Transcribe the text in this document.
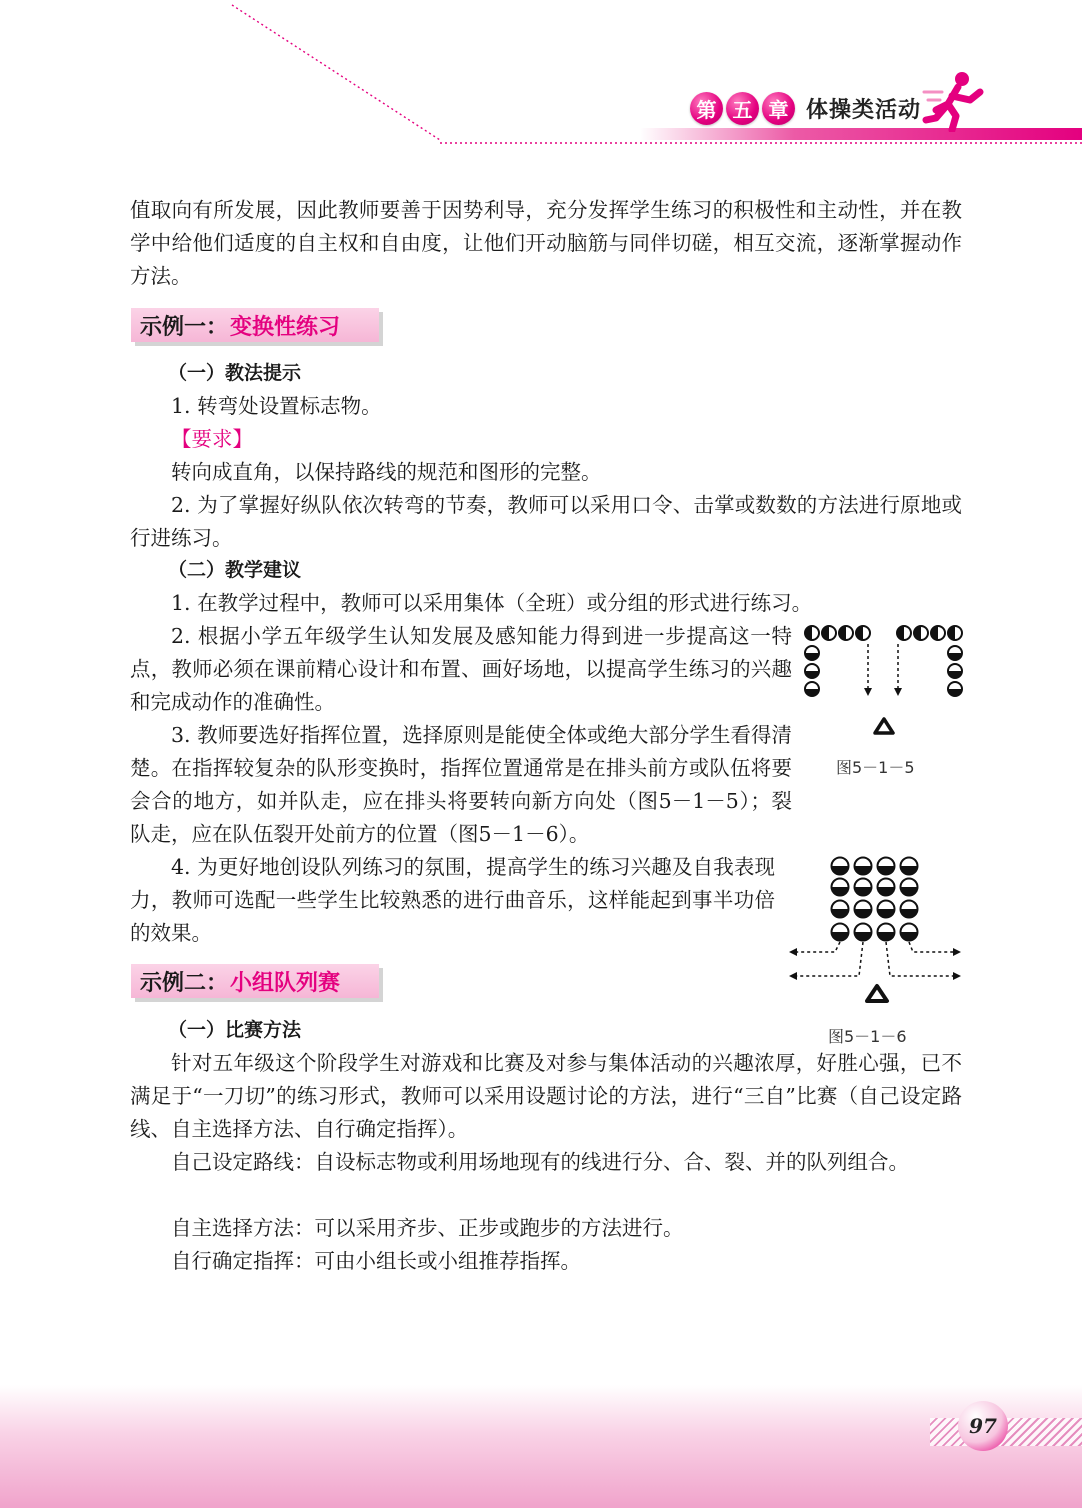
第 五 章 体操类活动

值取向有所发展，因此教师要善于因势利导，充分发挥学生练习的积极性和主动性，并在教学中给他们适度的自主权和自由度，让他们开动脑筋与同伴切磋，相互交流，逐渐掌握动作方法。

示例一： 变换性练习

（一）教法提示

1. 转弯处设置标志物。

【要求】

转向成直角，以保持路线的规范和图形的完整。

2. 为了掌握好纵队依次转弯的节奏，教师可以采用口令、击掌或数数的方法进行原地或行进练习。

（二）教学建议

1. 在教学过程中，教师可以采用集体（全班）或分组的形式进行练习。

2. 根据小学五年级学生认知发展及感知能力得到进一步提高这一特点，教师必须在课前精心设计和布置、画好场地，以提高学生练习的兴趣和完成动作的准确性。

3. 教师要选好指挥位置，选择原则是能使全体或绝大部分学生看得清楚。在指挥较复杂的队形变换时，指挥位置通常是在排头前方或队伍将要会合的地方，如并队走，应在排头将要转向新方向处（图5－1－5）；裂队走，应在队伍裂开处前方的位置（图5－1－6）。

4. 为更好地创设队列练习的氛围，提高学生的练习兴趣及自我表现力，教师可选配一些学生比较熟悉的进行曲音乐，这样能起到事半功倍的效果。

示例二： 小组队列赛

（一）比赛方法

针对五年级这个阶段学生对游戏和比赛及对参与集体活动的兴趣浓厚，好胜心强，已不满足于“一刀切”的练习形式，教师可以采用设题讨论的方法，进行“三自”比赛（自己设定路线、自主选择方法、自行确定指挥）。

自己设定路线：自设标志物或利用场地现有的线进行分、合、裂、并的队列组合。

自主选择方法：可以采用齐步、正步或跑步的方法进行。

自行确定指挥：可由小组长或小组推荐指挥。

图5－1－5
图5－1－6
97
